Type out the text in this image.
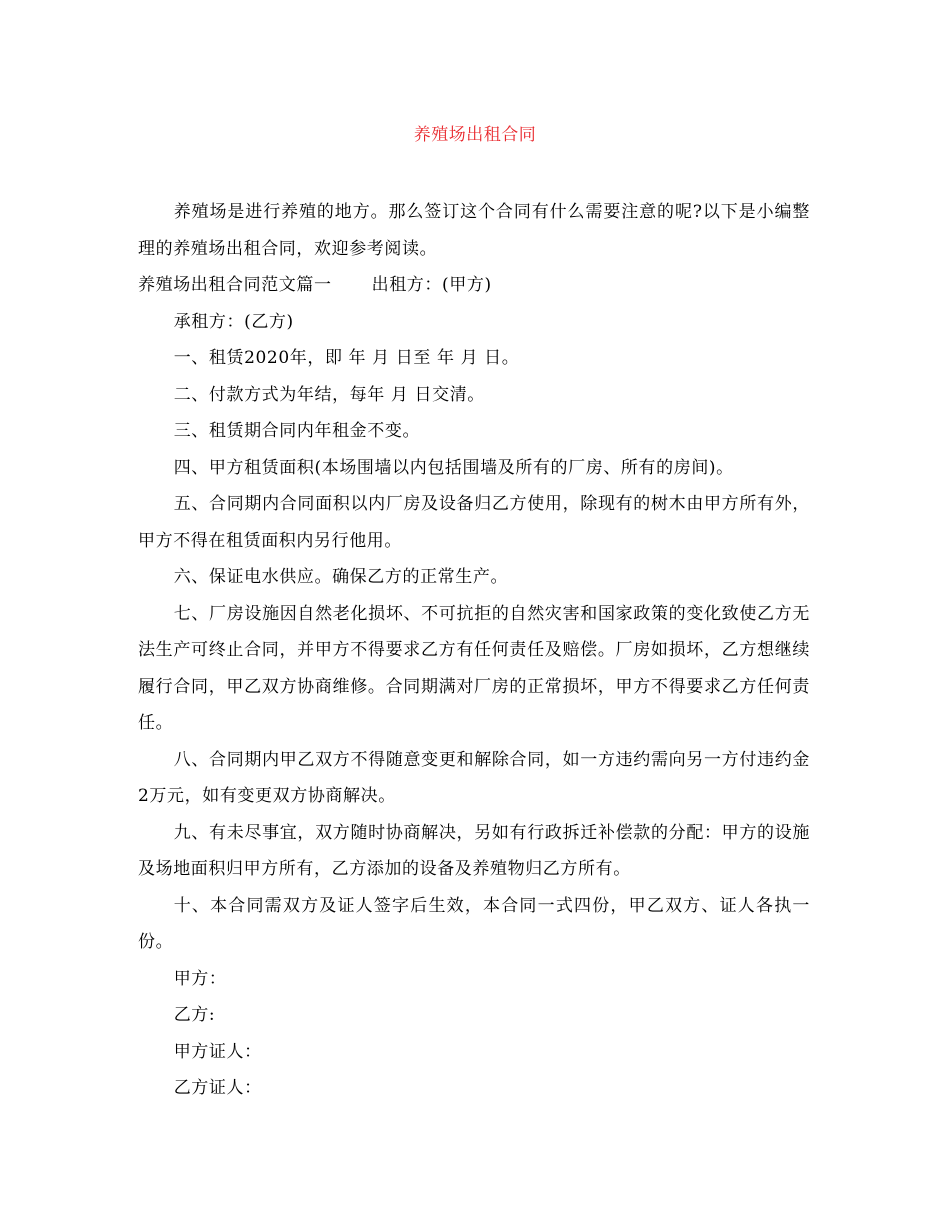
养殖场出租合同

养殖场是进行养殖的地方。那么签订这个合同有什么需要注意的呢?以下是小编整理的养殖场出租合同，欢迎参考阅读。

养殖场出租合同范文篇一 出租方：(甲方)

承租方：(乙方)

一、租赁2020年，即 年 月 日至 年 月 日。

二、付款方式为年结，每年 月 日交清。

三、租赁期合同内年租金不变。

四、甲方租赁面积(本场围墙以内包括围墙及所有的厂房、所有的房间)。

五、合同期内合同面积以内厂房及设备归乙方使用，除现有的树木由甲方所有外，甲方不得在租赁面积内另行他用。

六、保证电水供应。确保乙方的正常生产。

七、厂房设施因自然老化损坏、不可抗拒的自然灾害和国家政策的变化致使乙方无法生产可终止合同，并甲方不得要求乙方有任何责任及赔偿。厂房如损坏，乙方想继续履行合同，甲乙双方协商维修。合同期满对厂房的正常损坏，甲方不得要求乙方任何责任。

八、合同期内甲乙双方不得随意变更和解除合同，如一方违约需向另一方付违约金2万元，如有变更双方协商解决。

九、有未尽事宜，双方随时协商解决，另如有行政拆迁补偿款的分配：甲方的设施及场地面积归甲方所有，乙方添加的设备及养殖物归乙方所有。

十、本合同需双方及证人签字后生效，本合同一式四份，甲乙双方、证人各执一份。

甲方：

乙方:

甲方证人：

乙方证人：
